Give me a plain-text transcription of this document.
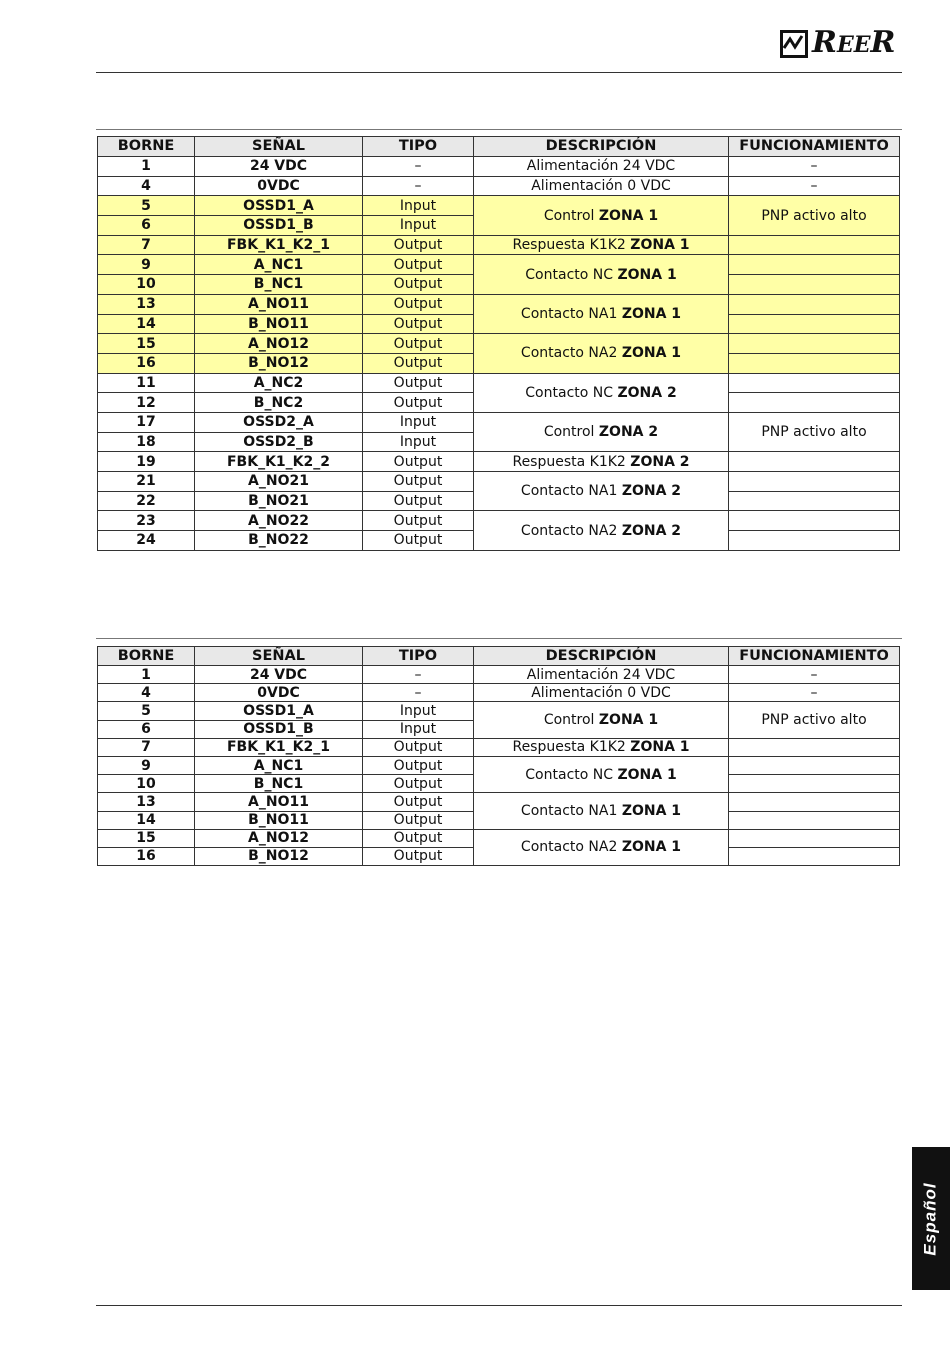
REER
BORNE	SEÑAL	TIPO	DESCRIPCIÓN	FUNCIONAMIENTO
1	24 VDC	–	Alimentación 24 VDC	–
4	0VDC	–	Alimentación 0 VDC	–
5	OSSD1_A	Input	Control ZONA 1	PNP activo alto
6	OSSD1_B	Input		
7	FBK_K1_K2_1	Output	Respuesta K1K2 ZONA 1	
9	A_NC1	Output	Contacto NC ZONA 1	
10	B_NC1	Output		
13	A_NO11	Output	Contacto NA1 ZONA 1	
14	B_NO11	Output		
15	A_NO12	Output	Contacto NA2 ZONA 1	
16	B_NO12	Output		
11	A_NC2	Output	Contacto NC ZONA 2	
12	B_NC2	Output		
17	OSSD2_A	Input	Control ZONA 2	PNP activo alto
18	OSSD2_B	Input		
19	FBK_K1_K2_2	Output	Respuesta K1K2 ZONA 2	
21	A_NO21	Output	Contacto NA1 ZONA 2	
22	B_NO21	Output		
23	A_NO22	Output	Contacto NA2 ZONA 2	
24	B_NO22	Output		
BORNE	SEÑAL	TIPO	DESCRIPCIÓN	FUNCIONAMIENTO
1	24 VDC	–	Alimentación 24 VDC	–
4	0VDC	–	Alimentación 0 VDC	–
5	OSSD1_A	Input	Control ZONA 1	PNP activo alto
6	OSSD1_B	Input		
7	FBK_K1_K2_1	Output	Respuesta K1K2 ZONA 1	
9	A_NC1	Output	Contacto NC ZONA 1	
10	B_NC1	Output		
13	A_NO11	Output	Contacto NA1 ZONA 1	
14	B_NO11	Output		
15	A_NO12	Output	Contacto NA2 ZONA 1	
16	B_NO12	Output		
Español
